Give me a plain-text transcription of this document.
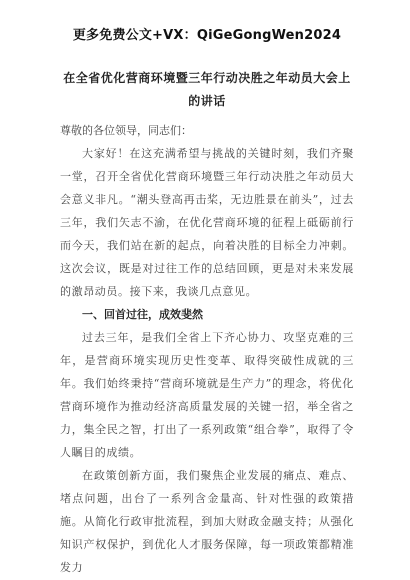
更多免费公文+VX：QiGeGongWen2024
在全省优化营商环境暨三年行动决胜之年动员大会上的讲话
尊敬的各位领导，同志们：

大家好！在这充满希望与挑战的关键时刻，我们齐聚一堂，召开全省优化营商环境暨三年行动决胜之年动员大会意义非凡。“潮头登高再击桨，无边胜景在前头”，过去三年，我们矢志不渝，在优化营商环境的征程上砥砺前行而今天，我们站在新的起点，向着决胜的目标全力冲刺。这次会议，既是对过往工作的总结回顾，更是对未来发展的激昂动员。接下来，我谈几点意见。

一、回首过往，成效斐然

过去三年，是我们全省上下齐心协力、攻坚克难的三年，是营商环境实现历史性变革、取得突破性成就的三年。我们始终秉持“营商环境就是生产力”的理念，将优化营商环境作为推动经济高质量发展的关键一招，举全省之力，集全民之智，打出了一系列政策“组合拳”，取得了令人瞩目的成绩。

在政策创新方面，我们聚焦企业发展的痛点、难点、堵点问题，出台了一系列含金量高、针对性强的政策措施。从简化行政审批流程，到加大财政金融支持；从强化知识产权保护，到优化人才服务保障，每一项政策都精准发力
